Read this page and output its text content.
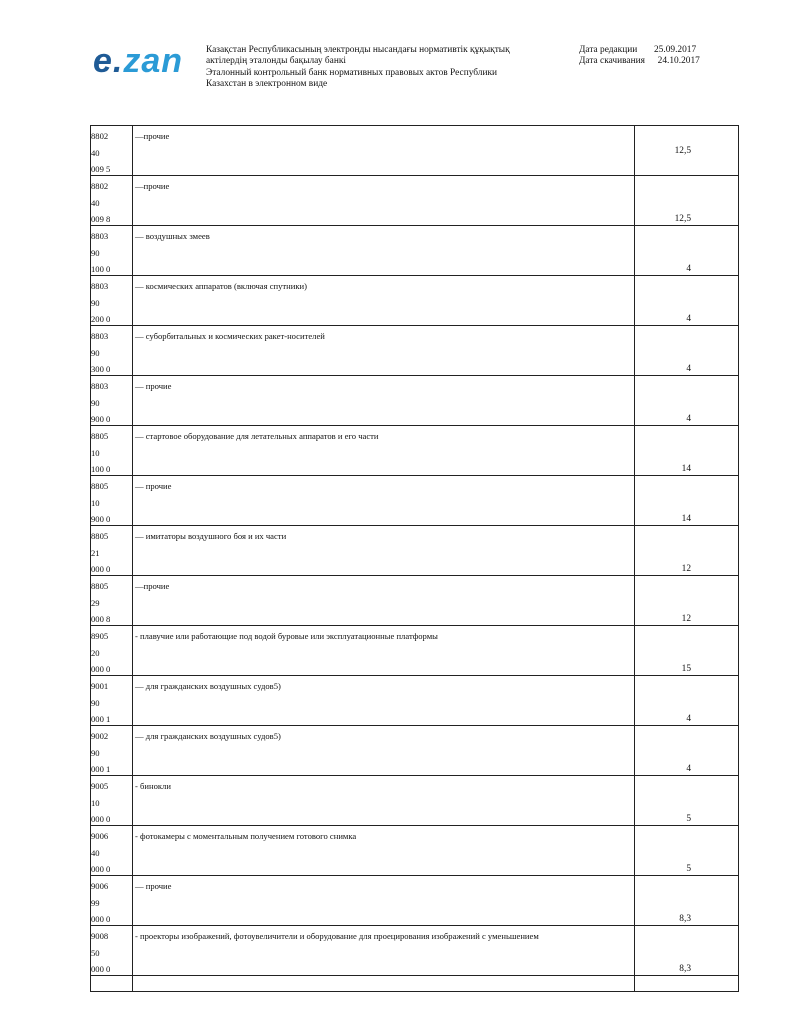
e.zan Казақстан Республикасының электронды нысандағы нормативтік құқықтық
актілердің эталонды бақылау банкі
Эталонный контрольный банк нормативных правовых актов Республики
Казахстан в электронном виде
Дата редакции 25.09.2017
Дата скачивания 24.10.2017
8802
40
009 5	—прочие	12,5

8802
40
009 8	—прочие	12,5

8803
90
100 0	— воздушных змеев	4

8803
90
200 0	— космических аппаратов (включая спутники)	4

8803
90
300 0	— суборбитальных и космических ракет-носителей	4

8803
90
900 0	— прочие	4

8805
10
100 0	— стартовое оборудование для летательных аппаратов и его части	14

8805
10
900 0	— прочие	14

8805
21
000 0	— имитаторы воздушного боя и их части	12

8805
29
000 8	—прочие	12

8905
20
000 0	- плавучие или работающие под водой буровые или эксплуатационные платформы	15

9001
90
000 1	— для гражданских воздушных судов5)	4

9002
90
000 1	— для гражданских воздушных судов5)	4

9005
10
000 0	- бинокли	5

9006
40
000 0	- фотокамеры с моментальным получением готового снимка	5

9006
99
000 0	— прочие	8,3

9008
50
000 0	- проекторы изображений, фотоувеличители и оборудование для проецирования изображений с уменьшением	8,3
